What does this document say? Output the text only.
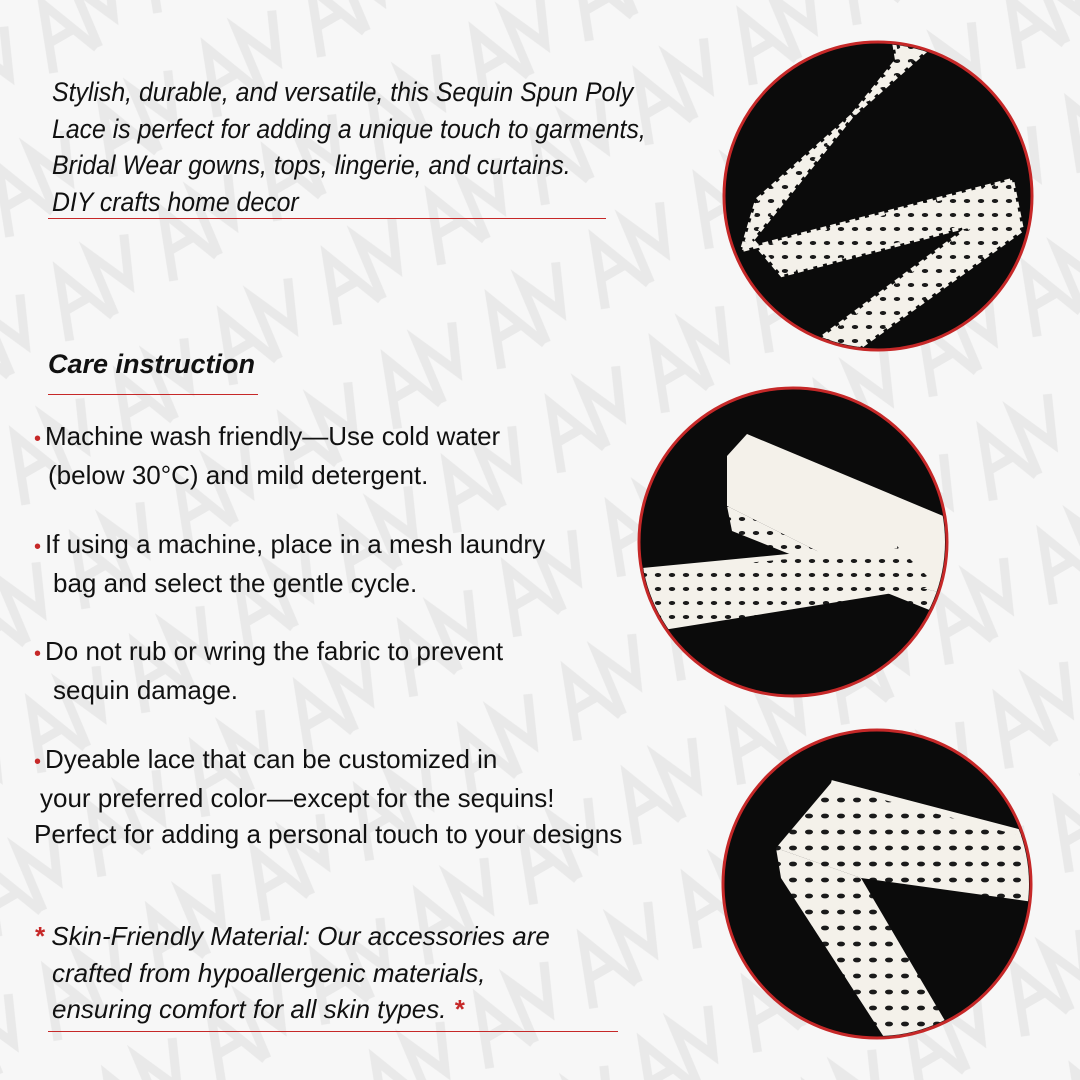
Stylish, durable, and versatile, this Sequin Spun Poly
Lace is perfect for adding a unique touch to garments,
Bridal Wear gowns, tops, lingerie, and curtains.
DIY crafts home decor

Care instruction
• Machine wash friendly—Use cold water
(below 30°C) and mild detergent.
• If using a machine, place in a mesh laundry
bag and select the gentle cycle.
• Do not rub or wring the fabric to prevent
sequin damage.
• Dyeable lace that can be customized in
your preferred color—except for the sequins!
Perfect for adding a personal touch to your designs
* Skin-Friendly Material: Our accessories are
crafted from hypoallergenic materials,
ensuring comfort for all skin types. *
